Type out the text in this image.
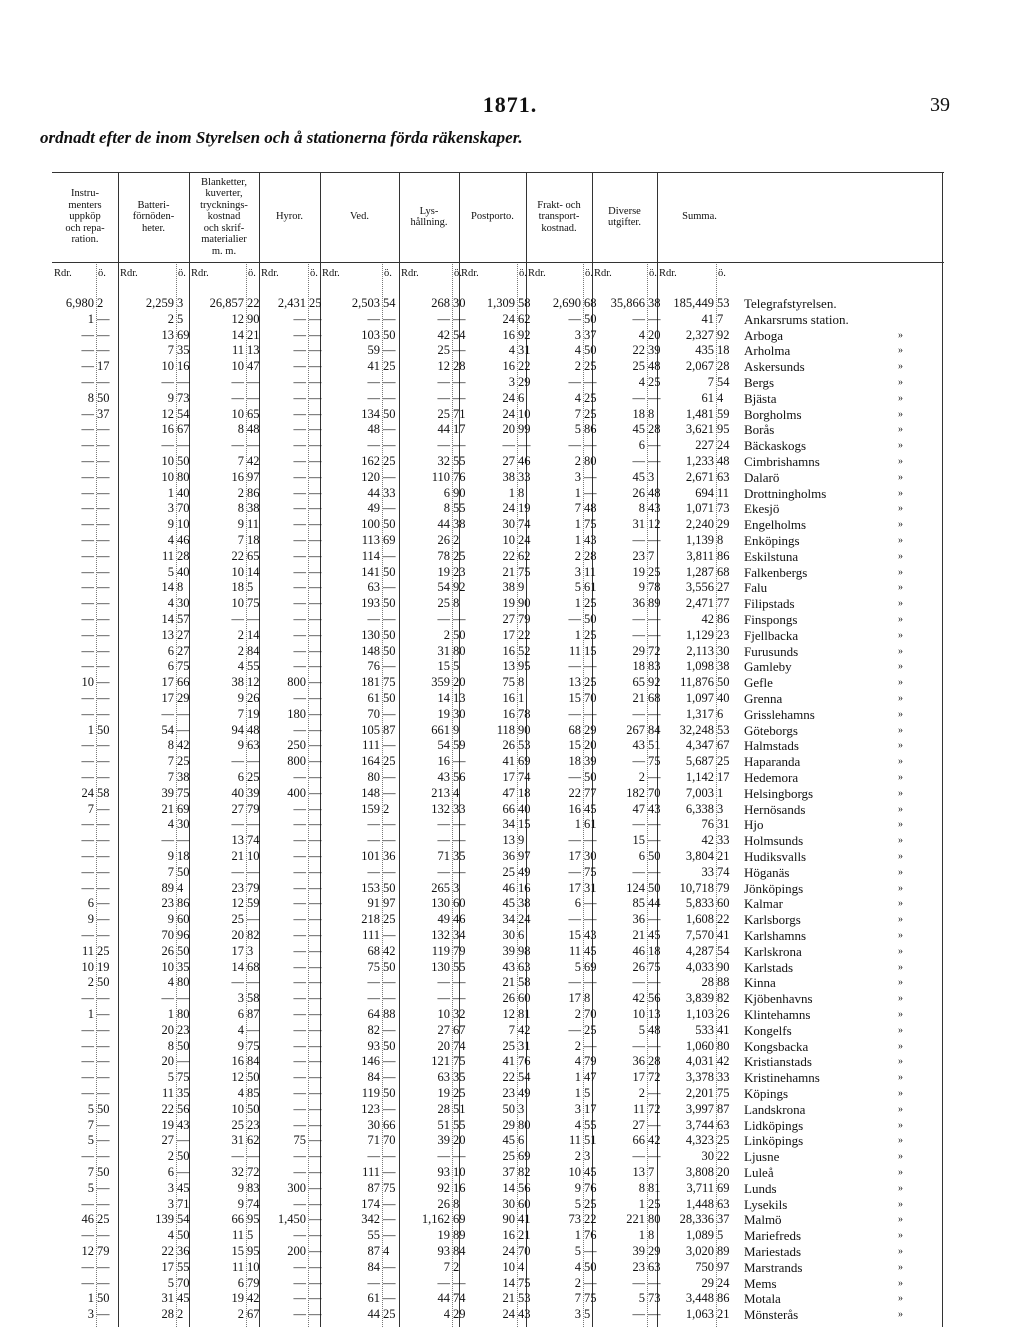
1871.	39
ordnadt efter de inom Styrelsen och å stationerna förda räkenskaper.
Instru-
menters
uppköp
och repa-
ration.
Rdr. ö.
Batteri-
förnöden-
heter.
Rdr.	ö.
Blanketter,
kuverter,
trycknings-
kostnad
och skrif-
materialier
m. m.
Rdr.	ö.
Hyror.
Rdr.	ö.
Ved.
Rdr.	ö.
Lys-
hållning.
Rdr.	ö.
Postporto.
Rdr.	ö.
Frakt- och
transport-
kostnad.
Rdr.	ö.
Diverse
utgifter.
Rdr.	ö.
Summa.
Rdr.	ö.
6,980 2	2,259 3	26,857 22	2,431 25	2,503 54	268 30	1,309 58	2,690 68	35,866 38	185,449 53 Telegrafstyrelsen.
1 —	2 5	12 90	— —	— —	— —	24 62	— 50	— —	41 7 Ankarsrums station.
— —	13 69	14 21	— —	103 50	42 54	16 92	3 37	4 20	2,327 92 Arboga	»
— —	7 35	11 13	— —	59 —	25 —	4 31	4 50	22 39	435 18 Arholma	»
— 17	10 16	10 47	— —	41 25	12 28	16 22	2 25	25 48	2,067 28 Askersunds	»
— —	— —	— —	— —	— —	— —	3 29	— —	4 25	7 54 Bergs	»
8 50	9 73	— —	— —	— —	— —	24 6	4 25	— —	61 4 Bjästa	»
— 37	12 54	10 65	— —	134 50	25 71	24 10	7 25	18 8	1,481 59 Borgholms	»
— —	16 67	8 48	— —	48 —	44 17	20 99	5 86	45 28	3,621 95 Borås	»
— —	— —	— —	— —	— —	— —	— —	— —	6 —	227 24 Bäckaskogs	»
— —	10 50	7 42	— —	162 25	32 55	27 46	2 80	— —	1,233 48 Cimbrishamns	»
— —	10 80	16 97	— —	120 —	110 76	38 33	3 —	45 3	2,671 63 Dalarö	»
— —	1 40	2 86	— —	44 33	6 90	1 8	1 —	26 48	694 11 Drottningholms	»
— —	3 70	8 38	— —	49 —	8 55	24 19	7 48	8 43	1,071 73 Ekesjö	»
— —	9 10	9 11	— —	100 50	44 38	30 74	1 75	31 12	2,240 29 Engelholms	»
— —	4 46	7 18	— —	113 69	26 2	10 24	1 43	— —	1,139 8 Enköpings	»
— —	11 28	22 65	— —	114 —	78 25	22 62	2 28	23 7	3,811 86 Eskilstuna	»
— —	5 40	10 14	— —	141 50	19 23	21 75	3 11	19 25	1,287 68 Falkenbergs	»
— —	14 8	18 5	— —	63 —	54 92	38 9	5 61	9 78	3,556 27 Falu	»
— —	4 30	10 75	— —	193 50	25 8	19 90	1 25	36 89	2,471 77 Filipstads	»
— —	14 57	— —	— —	— —	— —	27 79	— 50	— —	42 86 Finspongs	»
— —	13 27	2 14	— —	130 50	2 50	17 22	1 25	— —	1,129 23 Fjellbacka	»
— —	6 27	2 84	— —	148 50	31 80	16 52	11 15	29 72	2,113 30 Furusunds	»
— —	6 75	4 55	— —	76 —	15 5	13 95	— —	18 83	1,098 38 Gamleby	»
10 —	17 66	38 12	800 —	181 75	359 20	75 8	13 25	65 92	11,876 50 Gefle	»
— —	17 29	9 26	— —	61 50	14 13	16 1	15 70	21 68	1,097 40 Grenna	»
— —	— —	7 19	180 —	70 —	19 30	16 78	— —	— —	1,317 6 Grisslehamns	»
1 50	54 —	94 48	— —	105 87	661 9	118 90	68 29	267 84	32,248 53 Göteborgs	»
— —	8 42	9 63	250 —	111 —	54 59	26 53	15 20	43 51	4,347 67 Halmstads	»
— —	7 25	— —	800 —	164 25	16 —	41 69	18 39	— 75	5,687 25 Haparanda	»
— —	7 38	6 25	— —	80 —	43 56	17 74	— 50	2 —	1,142 17 Hedemora	»
24 58	39 75	40 39	400 —	148 —	213 4	47 18	22 77	182 70	7,003 1 Helsingborgs	»
7 —	21 69	27 79	— —	159 2	132 33	66 40	16 45	47 43	6,338 3 Hernösands	»
— —	4 30	— —	— —	— —	— —	34 15	1 61	— —	76 31 Hjo	»
— —	— —	13 74	— —	— —	— —	13 9	— —	15 —	42 33 Holmsunds	»
— —	9 18	21 10	— —	101 36	71 35	36 97	17 30	6 50	3,804 21 Hudiksvalls	»
— —	7 50	— —	— —	— —	— —	25 49	— 75	— —	33 74 Höganäs	»
— —	89 4	23 79	— —	153 50	265 3	46 16	17 31	124 50	10,718 79 Jönköpings	»
6 —	23 86	12 59	— —	91 97	130 60	45 38	6 —	85 44	5,833 60 Kalmar	»
9 —	9 60	25 —	— —	218 25	49 46	34 24	— —	36 —	1,608 22 Karlsborgs	»
— —	70 96	20 82	— —	111 —	132 34	30 6	15 43	21 45	7,570 41 Karlshamns	»
11 25	26 50	17 3	— —	68 42	119 79	39 98	11 45	46 18	4,287 54 Karlskrona	»
10 19	10 35	14 68	— —	75 50	130 55	43 63	5 69	26 75	4,033 90 Karlstads	»
2 50	4 80	— —	— —	— —	— —	21 58	— —	— —	28 88 Kinna	»
— —	— —	3 58	— —	— —	— —	26 60	17 8	42 56	3,839 82 Kjöbenhavns	»
1 —	1 80	6 87	— —	64 88	10 32	12 81	2 70	10 13	1,103 26 Klintehamns	»
— —	20 23	4 —	— —	82 —	27 67	7 42	— 25	5 48	533 41 Kongelfs	»
— —	8 50	9 75	— —	93 50	20 74	25 31	2 —	— —	1,060 80 Kongsbacka	»
— —	20 —	16 84	— —	146 —	121 75	41 76	4 79	36 28	4,031 42 Kristianstads	»
— —	5 75	12 50	— —	84 —	63 35	22 54	1 47	17 72	3,378 33 Kristinehamns	»
— —	11 35	4 85	— —	119 50	19 25	23 49	1 5	2 —	2,201 75 Köpings	»
5 50	22 56	10 50	— —	123 —	28 51	50 3	3 17	11 72	3,997 87 Landskrona	»
7 —	19 43	25 23	— —	30 66	51 55	29 80	4 55	27 —	3,744 63 Lidköpings	»
5 —	27 —	31 62	75 —	71 70	39 20	45 6	11 51	66 42	4,323 25 Linköpings	»
— —	2 50	— —	— —	— —	— —	25 69	2 3	— —	30 22 Ljusne	»
7 50	6 —	32 72	— —	111 —	93 10	37 82	10 45	13 7	3,808 20 Luleå	»
5 —	3 45	9 83	300 —	87 75	92 16	14 56	9 76	8 81	3,711 69 Lunds	»
— —	3 71	9 74	— —	174 —	26 8	30 60	5 25	1 25	1,448 63 Lysekils	»
46 25	139 54	66 95	1,450 —	342 —	1,162 69	90 41	73 22	221 80	28,336 37 Malmö	»
— —	4 50	11 5	— —	55 —	19 89	16 21	1 76	1 8	1,089 5 Mariefreds	»
12 79	22 36	15 95	200 —	87 4	93 84	24 70	5 —	39 29	3,020 89 Mariestads	»
— —	17 55	11 10	— —	84 —	7 2	10 4	4 50	23 63	750 97 Marstrands	»
— —	5 70	6 79	— —	— —	— —	14 75	2 —	— —	29 24 Mems	»
1 50	31 45	19 42	— —	61 —	44 74	21 53	7 75	5 73	3,448 86 Motala	»
3 —	28 2	2 67	— —	44 25	4 29	24 43	3 5	— —	1,063 21 Mönsterås	»
